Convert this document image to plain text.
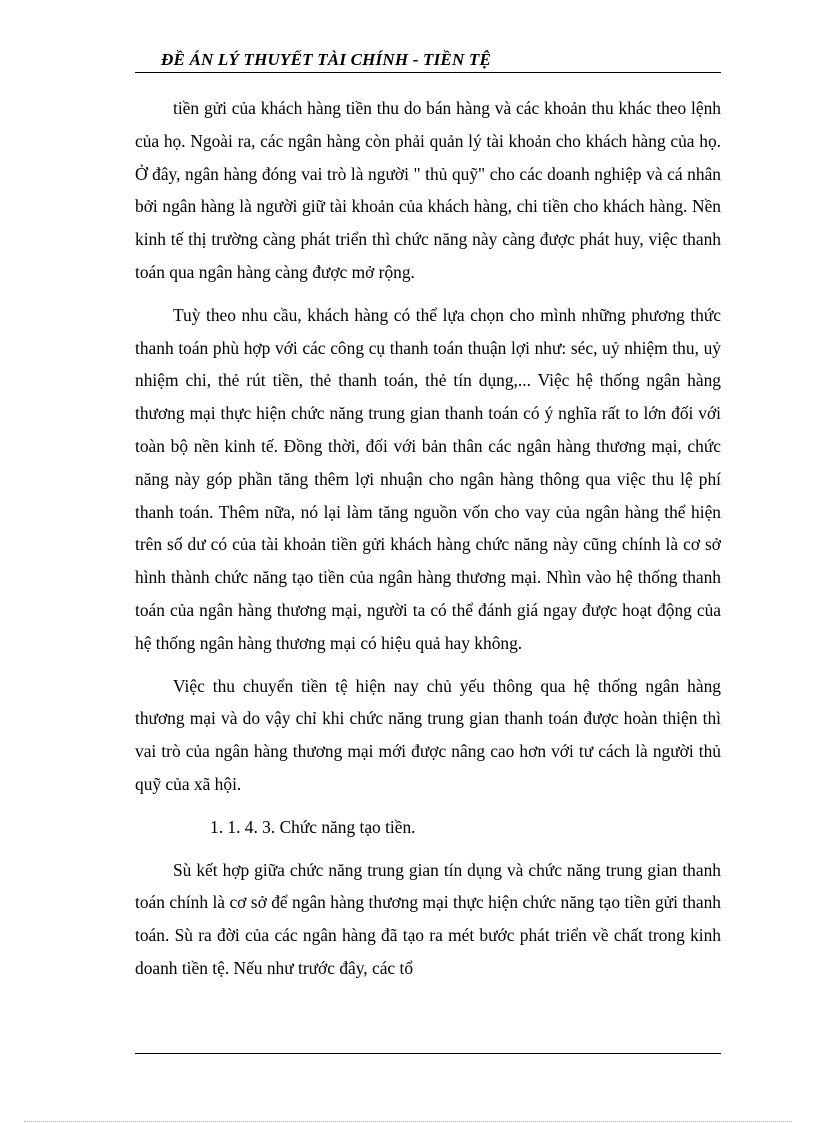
ĐỀ ÁN LÝ THUYẾT TÀI CHÍNH - TIỀN TỆ

tiền gửi của khách hàng tiền thu do bán hàng và các khoản thu khác theo lệnh của họ. Ngoài ra, các ngân hàng còn phải quản lý tài khoản cho khách hàng của họ. Ở đây, ngân hàng đóng vai trò là người " thủ quỹ" cho các doanh nghiệp và cá nhân bởi ngân hàng là người giữ tài khoản của khách hàng, chi tiền cho khách hàng. Nền kinh tế thị trường càng phát triển thì chức năng này càng được phát huy, việc thanh toán qua ngân hàng càng được mở rộng.

Tuỳ theo nhu cầu, khách hàng có thể lựa chọn cho mình những phương thức thanh toán phù hợp với các công cụ thanh toán thuận lợi như: séc, uỷ nhiệm thu, uỷ nhiệm chi, thẻ rút tiền, thẻ thanh toán, thẻ tín dụng,... Việc hệ thống ngân hàng thương mại thực hiện chức năng trung gian thanh toán có ý nghĩa rất to lớn đối với toàn bộ nền kinh tế. Đồng thời, đối với bản thân các ngân hàng thương mại, chức năng này góp phần tăng thêm lợi nhuận cho ngân hàng thông qua việc thu lệ phí thanh toán. Thêm nữa, nó lại làm tăng nguồn vốn cho vay của ngân hàng thể hiện trên số dư có của tài khoản tiền gửi khách hàng chức năng này cũng chính là cơ sở hình thành chức năng tạo tiền của ngân hàng thương mại. Nhìn vào hệ thống thanh toán của ngân hàng thương mại, người ta có thể đánh giá ngay được hoạt động của hệ thống ngân hàng thương mại có hiệu quả hay không.

Việc thu chuyển tiền tệ hiện nay chủ yếu thông qua hệ thống ngân hàng thương mại và do vậy chỉ khi chức năng trung gian thanh toán được hoàn thiện thì vai trò của ngân hàng thương mại mới được nâng cao hơn với tư cách là người thủ quỹ của xã hội.

1. 1. 4. 3. Chức năng tạo tiền.

Sù kết hợp giữa chức năng trung gian tín dụng và chức năng trung gian thanh toán chính là cơ sở để ngân hàng thương mại thực hiện chức năng tạo tiền gửi thanh toán. Sù ra đời của các ngân hàng đã tạo ra mét bước phát triển về chất trong kinh doanh tiền tệ. Nếu như trước đây, các tổ
